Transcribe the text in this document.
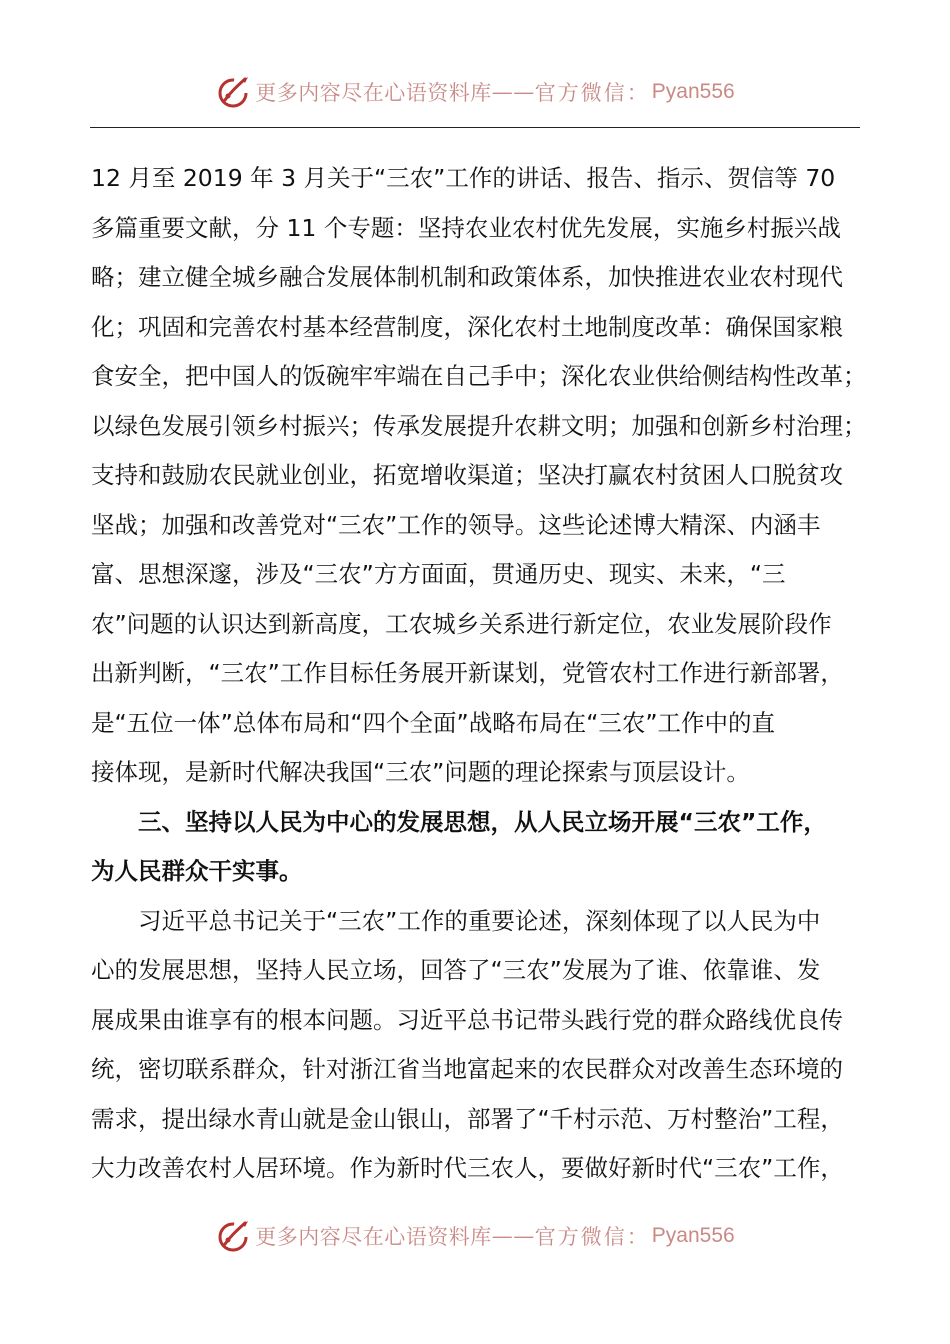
更多内容尽在心语资料库 —— 官方微信： Pyan556
12 月至 2019 年 3 月关于“三农”工作的讲话、报告、指示、贺信等 70
多篇重要文献，分 11 个专题：坚持农业农村优先发展，实施乡村振兴战
略；建立健全城乡融合发展体制机制和政策体系，加快推进农业农村现代
化；巩固和完善农村基本经营制度，深化农村土地制度改革：确保国家粮
食安全，把中国人的饭碗牢牢端在自己手中；深化农业供给侧结构性改革；
以绿色发展引领乡村振兴；传承发展提升农耕文明；加强和创新乡村治理；
支持和鼓励农民就业创业，拓宽增收渠道；坚决打赢农村贫困人口脱贫攻
坚战；加强和改善党对“三农”工作的领导。这些论述博大精深、内涵丰
富、思想深邃，涉及“三农”方方面面，贯通历史、现实、未来，“三
农”问题的认识达到新高度，工农城乡关系进行新定位，农业发展阶段作
出新判断，“三农”工作目标任务展开新谋划，党管农村工作进行新部署，
是“五位一体”总体布局和“四个全面”战略布局在“三农”工作中的直
接体现，是新时代解决我国“三农”问题的理论探索与顶层设计。
三、坚持以人民为中心的发展思想，从人民立场开展“三农”工作，
为人民群众干实事。
习近平总书记关于“三农”工作的重要论述，深刻体现了以人民为中
心的发展思想，坚持人民立场，回答了“三农”发展为了谁、依靠谁、发
展成果由谁享有的根本问题。习近平总书记带头践行党的群众路线优良传
统，密切联系群众，针对浙江省当地富起来的农民群众对改善生态环境的
需求，提出绿水青山就是金山银山，部署了“千村示范、万村整治”工程，
大力改善农村人居环境。作为新时代三农人，要做好新时代“三农”工作，
更多内容尽在心语资料库 —— 官方微信： Pyan556
